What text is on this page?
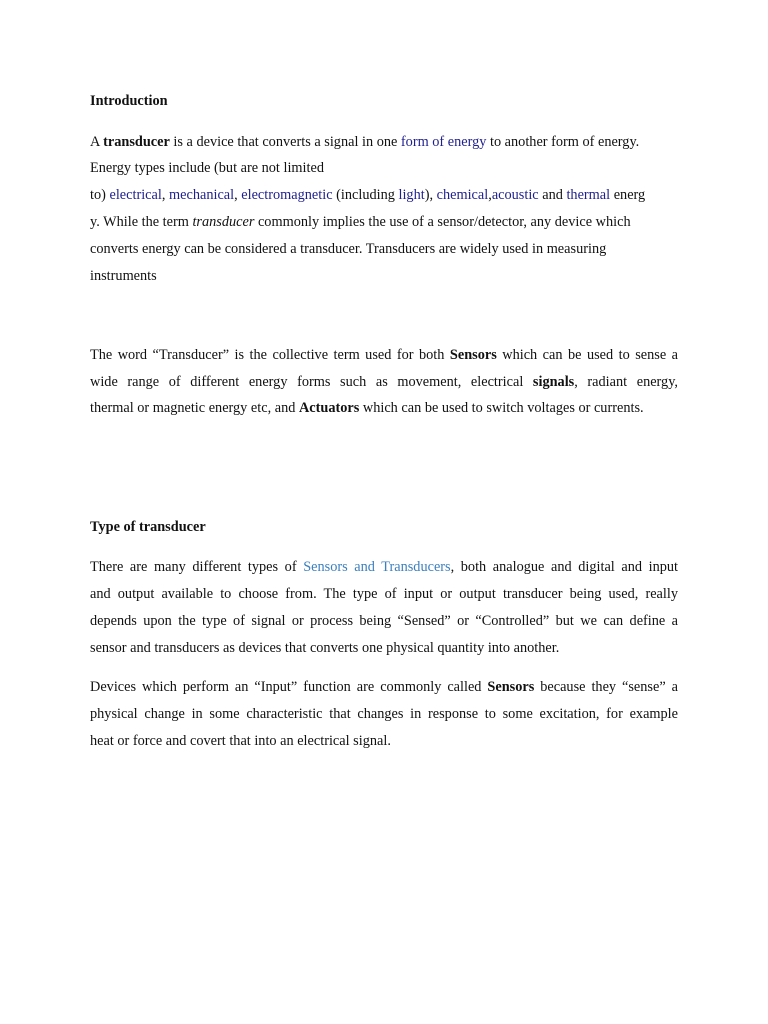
Introduction
A transducer is a device that converts a signal in one form of energy to another form of energy.
Energy types include (but are not limited
to) electrical, mechanical, electromagnetic (including light), chemical,acoustic and thermal energ
y. While the term transducer commonly implies the use of a sensor/detector, any device which
converts energy can be considered a transducer. Transducers are widely used in measuring
instruments
The word “Transducer” is the collective term used for both Sensors which can be used to sense a
wide range of different energy forms such as movement, electrical signals, radiant energy,
thermal or magnetic energy etc, and Actuators which can be used to switch voltages or currents.
Type of transducer
There are many different types of Sensors and Transducers, both analogue and digital and input
and output available to choose from. The type of input or output transducer being used, really
depends upon the type of signal or process being “Sensed” or “Controlled” but we can define a
sensor and transducers as devices that converts one physical quantity into another.
Devices which perform an “Input” function are commonly called Sensors because they “sense” a
physical change in some characteristic that changes in response to some excitation, for example
heat or force and covert that into an electrical signal.
